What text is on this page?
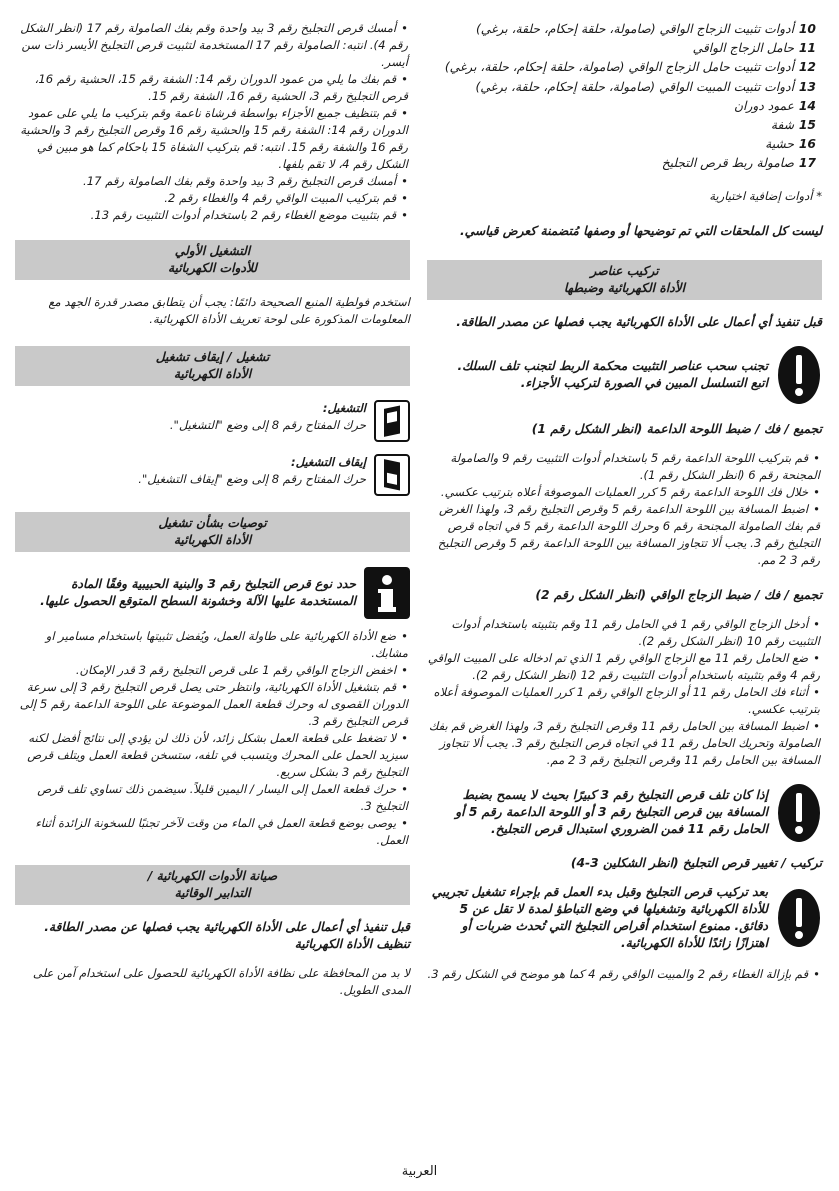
10
أدوات تثبيت الزجاج الواقي (صامولة، حلقة إحكام، حلقة، برغي)
11
حامل الزجاج الواقي
12
أدوات تثبيت حامل الزجاج الواقي (صامولة، حلقة إحكام، حلقة، برغي)
13
أدوات تثبيت المبيت الواقي (صامولة، حلقة إحكام، حلقة، برغي)
14
عمود دوران
15
شفة
16
حشية
17
صامولة ربط قرص التجليخ

* أدوات إضافية اختيارية

ليست كل الملحقات التي تم توضيحها أو وصفها مُتضمنة كعرض قياسي.

تركيب عناصر
الأداة الكهربائية وضبطها

قبل تنفيذ أي أعمال على الأداة الكهربائية يجب فصلها عن مصدر الطاقة.

تجنب سحب عناصر التثبيت محكمة الربط لتجنب تلف السلك.
اتبع التسلسل المبين في الصورة لتركيب الأجزاء.

تجميع / فك / ضبط اللوحة الداعمة (انظر الشكل رقم 1)

• قم بتركيب اللوحة الداعمة رقم 5 باستخدام أدوات التثبيت رقم 9 والصامولة المجنحة رقم 6 (انظر الشكل رقم 1).

• خلال فك اللوحة الداعمة رقم 5 كرر العمليات الموصوفة أعلاه بترتيب عكسي.

• اضبط المسافة بين اللوحة الداعمة رقم 5 وقرص التجليخ رقم 3، ولهذا الغرض قم بفك الصامولة المجنحة رقم 6 وحرك اللوحة الداعمة رقم 5 في اتجاه قرص التجليخ رقم 3. يجب ألا تتجاوز المسافة بين اللوحة الداعمة رقم 5 وقرص التجليخ رقم 3 2 مم.

تجميع / فك / ضبط الزجاج الواقي (انظر الشكل رقم 2)

• أدخل الزجاج الواقي رقم 1 في الحامل رقم 11 وقم بتثبيته باستخدام أدوات التثبيت رقم 10 (انظر الشكل رقم 2).

• ضع الحامل رقم 11 مع الزجاج الواقي رقم 1 الذي تم ادخاله على المبيت الواقي رقم 4 وقم بتثبيته باستخدام أدوات التثبيت رقم 12 (انظر الشكل رقم 2).

• أثناء فك الحامل رقم 11 أو الزجاج الواقي رقم 1 كرر العمليات الموصوفة أعلاه بترتيب عكسي.

• اضبط المسافة بين الحامل رقم 11 وقرص التجليخ رقم 3، ولهذا الغرض قم بفك الصامولة وتحريك الحامل رقم 11 في اتجاه قرص التجليخ رقم 3. يجب ألا تتجاوز المسافة بين الحامل رقم 11 وقرص التجليخ رقم 3 2 مم.

إذا كان تلف قرص التجليخ رقم 3 كبيرًا بحيث لا يسمح بضبط المسافة بين قرص التجليخ رقم 3 أو اللوحة الداعمة رقم 5 أو الحامل رقم 11 فمن الضروري استبدال قرص التجليخ.

تركيب / تغيير قرص التجليخ (انظر الشكلين 3-4)

بعد تركيب قرص التجليخ وقبل بدء العمل قم بإجراء تشغيل تجريبي للأداة الكهربائية وتشغيلها في وضع التباطؤ لمدة لا تقل عن 5 دقائق. ممنوع استخدام أقراص التجليخ التي تُحدث ضربات أو اهتزازًا زائدًا للأداة الكهربائية.

• قم بإزالة الغطاء رقم 2 والمبيت الواقي رقم 4 كما هو موضح في الشكل رقم 3.

• أمسك قرص التجليخ رقم 3 بيد واحدة وقم بفك الصامولة رقم 17 (انظر الشكل رقم 4). انتبه: الصامولة رقم 17 المستخدمة لتثبيت قرص التجليخ الأيسر ذات سن أيسر.

• قم بفك ما يلي من عمود الدوران رقم 14: الشفة رقم 15، الحشية رقم 16، قرص التجليخ رقم 3، الحشية رقم 16، الشفة رقم 15.

• قم بتنظيف جميع الأجزاء بواسطة فرشاة ناعمة وقم بتركيب ما يلي على عمود الدوران رقم 14: الشفة رقم 15 والحشية رقم 16 وقرص التجليخ رقم 3 والحشية رقم 16 والشفة رقم 15. انتبه: قم بتركيب الشفاة 15 باحكام كما هو مبين في الشكل رقم 4، لا تقم بلفها.

• أمسك قرص التجليخ رقم 3 بيد واحدة وقم بفك الصامولة رقم 17.

• قم بتركيب المبيت الواقي رقم 4 والغطاء رقم 2.

• قم بتثبيت موضع الغطاء رقم 2 باستخدام أدوات التثبيت رقم 13.

التشغيل الأولي
للأدوات الكهربائية

استخدم فولطية المنبع الصحيحة دائمًا: يجب أن يتطابق مصدر قدرة الجهد مع المعلومات المذكورة على لوحة تعريف الأداة الكهربائية.

تشغيل / إيقاف تشغيل
الأداة الكهربائية
التشغيل:
حرك المفتاح رقم 8 إلى وضع "التشغيل".
إيقاف التشغيل:
حرك المفتاح رقم 8 إلى وضع "إيقاف التشغيل".
توصيات بشأن تشغيل
الأداة الكهربائية
حدد نوع قرص التجليخ رقم 3 والبنية الحبيبية وفقًا المادة المستخدمة عليها الآلة وخشونة السطح المتوقع الحصول عليها.

• ضع الأداة الكهربائية على طاولة العمل، ويُفضل تثبيتها باستخدام مسامير او مشابك.

• اخفض الزجاج الواقي رقم 1 على قرص التجليخ رقم 3 قدر الإمكان.

• قم بتشغيل الأداة الكهربائية، وانتظر حتى يصل قرص التجليخ رقم 3 إلى سرعة الدوران القصوى له وحرك قطعة العمل الموضوعة على اللوحة الداعمة رقم 5 إلى قرص التجليخ رقم 3.

• لا تضغط على قطعة العمل بشكل زائد، لأن ذلك لن يؤدي إلى نتائج أفضل لكنه سيزيد الحمل على المحرك ويتسبب في تلفه، ستسخن قطعة العمل ويتلف قرص التجليخ رقم 3 بشكل سريع.

• حرك قطعة العمل إلى اليسار / اليمين قليلاً. سيضمن ذلك تساوي تلف قرص التجليخ 3.

• يوصى بوضع قطعة العمل في الماء من وقت لآخر تجنبًا للسخونة الزائدة أثناء العمل.

صيانة الأدوات الكهربائية /
التدابير الوقائية

قبل تنفيذ أي أعمال على الأداة الكهربائية يجب فصلها عن مصدر الطاقة.

تنظيف الأداة الكهربائية

لا بد من المحافظة على نظافة الأداة الكهربائية للحصول على استخدام آمن على المدى الطويل.

العربية
